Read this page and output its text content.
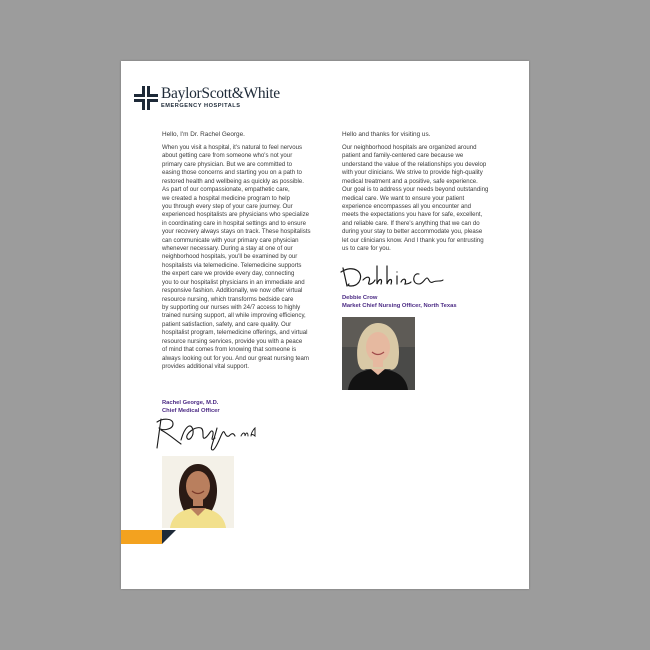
BaylorScott&White
EMERGENCY HOSPITALS

Hello, I'm Dr. Rachel George.

When you visit a hospital, it's natural to feel nervous
about getting care from someone who's not your
primary care physician. But we are committed to
easing those concerns and starting you on a path to
restored health and wellbeing as quickly as possible.
As part of our compassionate, empathetic care,
we created a hospital medicine program to help
you through every step of your care journey. Our
experienced hospitalists are physicians who specialize
in coordinating care in hospital settings and to ensure
your recovery always stays on track. These hospitalists
can communicate with your primary care physician
whenever necessary. During a stay at one of our
neighborhood hospitals, you'll be examined by our
hospitalists via telemedicine. Telemedicine supports
the expert care we provide every day, connecting
you to our hospitalist physicians in an immediate and
responsive fashion. Additionally, we now offer virtual
resource nursing, which transforms bedside care
by supporting our nurses with 24/7 access to highly
trained nursing support, all while improving efficiency,
patient satisfaction, safety, and care quality. Our
hospitalist program, telemedicine offerings, and virtual
resource nursing services, provide you with a peace
of mind that comes from knowing that someone is
always looking out for you. And our great nursing team
provides additional vital support.

Rachel George, M.D.
Chief Medical Officer

Hello and thanks for visiting us.

Our neighborhood hospitals are organized around
patient and family-centered care because we
understand the value of the relationships you develop
with your clinicians. We strive to provide high-quality
medical treatment and a positive, safe experience.
Our goal is to address your needs beyond outstanding
medical care. We want to ensure your patient
experience encompasses all you encounter and
meets the expectations you have for safe, excellent,
and reliable care. If there's anything that we can do
during your stay to better accommodate you, please
let our clinicians know. And I thank you for entrusting
us to care for you.

Debbie Crow
Market Chief Nursing Officer, North Texas
